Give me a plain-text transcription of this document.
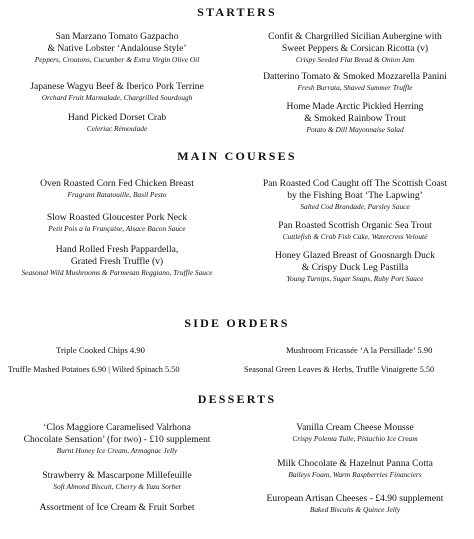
STARTERS
San Marzano Tomato Gazpacho
& Native Lobster ‘Andalouse Style’
Peppers, Croutons, Cucumber & Extra Virgin Olive Oil
Japanese Wagyu Beef & Iberico Pork Terrine
Orchard Fruit Marmalade, Chargrilled Sourdough
Hand Picked Dorset Crab
Celeriac Rémoulade
Confit & Chargrilled Sicilian Aubergine with
Sweet Peppers & Corsican Ricotta (v)
Crispy Seeded Flat Bread & Onion Jam
Datterino Tomato & Smoked Mozzarella Panini
Fresh Burrata, Shaved Summer Truffle
Home Made Arctic Pickled Herring
& Smoked Rainbow Trout
Potato & Dill Mayonnaise Salad
MAIN COURSES
Oven Roasted Corn Fed Chicken Breast
Fragrant Ratatouille, Basil Pesto
Slow Roasted Gloucester Pork Neck
Petit Pois a la Française, Alsace Bacon Sauce
Hand Rolled Fresh Pappardella,
Grated Fresh Truffle (v)
Seasonal Wild Mushrooms & Parmesan Reggiano, Truffle Sauce
Pan Roasted Cod Caught off The Scottish Coast
by the Fishing Boat ‘The Lapwing’
Salted Cod Brandade, Parsley Sauce
Pan Roasted Scottish Organic Sea Trout
Cuttlefish & Crab Fish Cake, Watercress Velouté
Honey Glazed Breast of Goosnargh Duck
& Crispy Duck Leg Pastilla
Young Turnips, Sugar Snaps, Ruby Port Sauce
SIDE ORDERS
Triple Cooked Chips 4.90	Mushroom Fricassée ‘A la Persillade’ 5.90
Truffle Mashed Potatoes 6.90 | Wilted Spinach 5.50	Seasonal Green Leaves & Herbs, Truffle Vinaigrette 5.50
DESSERTS
‘Clos Maggiore Caramelised Valrhona
Chocolate Sensation’ (for two) - £10 supplement
Burnt Honey Ice Cream, Armagnac Jelly
Strawberry & Mascarpone Millefeuille
Soft Almond Biscuit, Cherry & Yuzu Sorbet
Assortment of Ice Cream & Fruit Sorbet
Vanilla Cream Cheese Mousse
Crispy Polenta Tuile, Pistachio Ice Cream
Milk Chocolate & Hazelnut Panna Cotta
Baileys Foam, Warm Raspberries Financiers
European Artisan Cheeses - £4.90 supplement
Baked Biscuits & Quince Jelly
